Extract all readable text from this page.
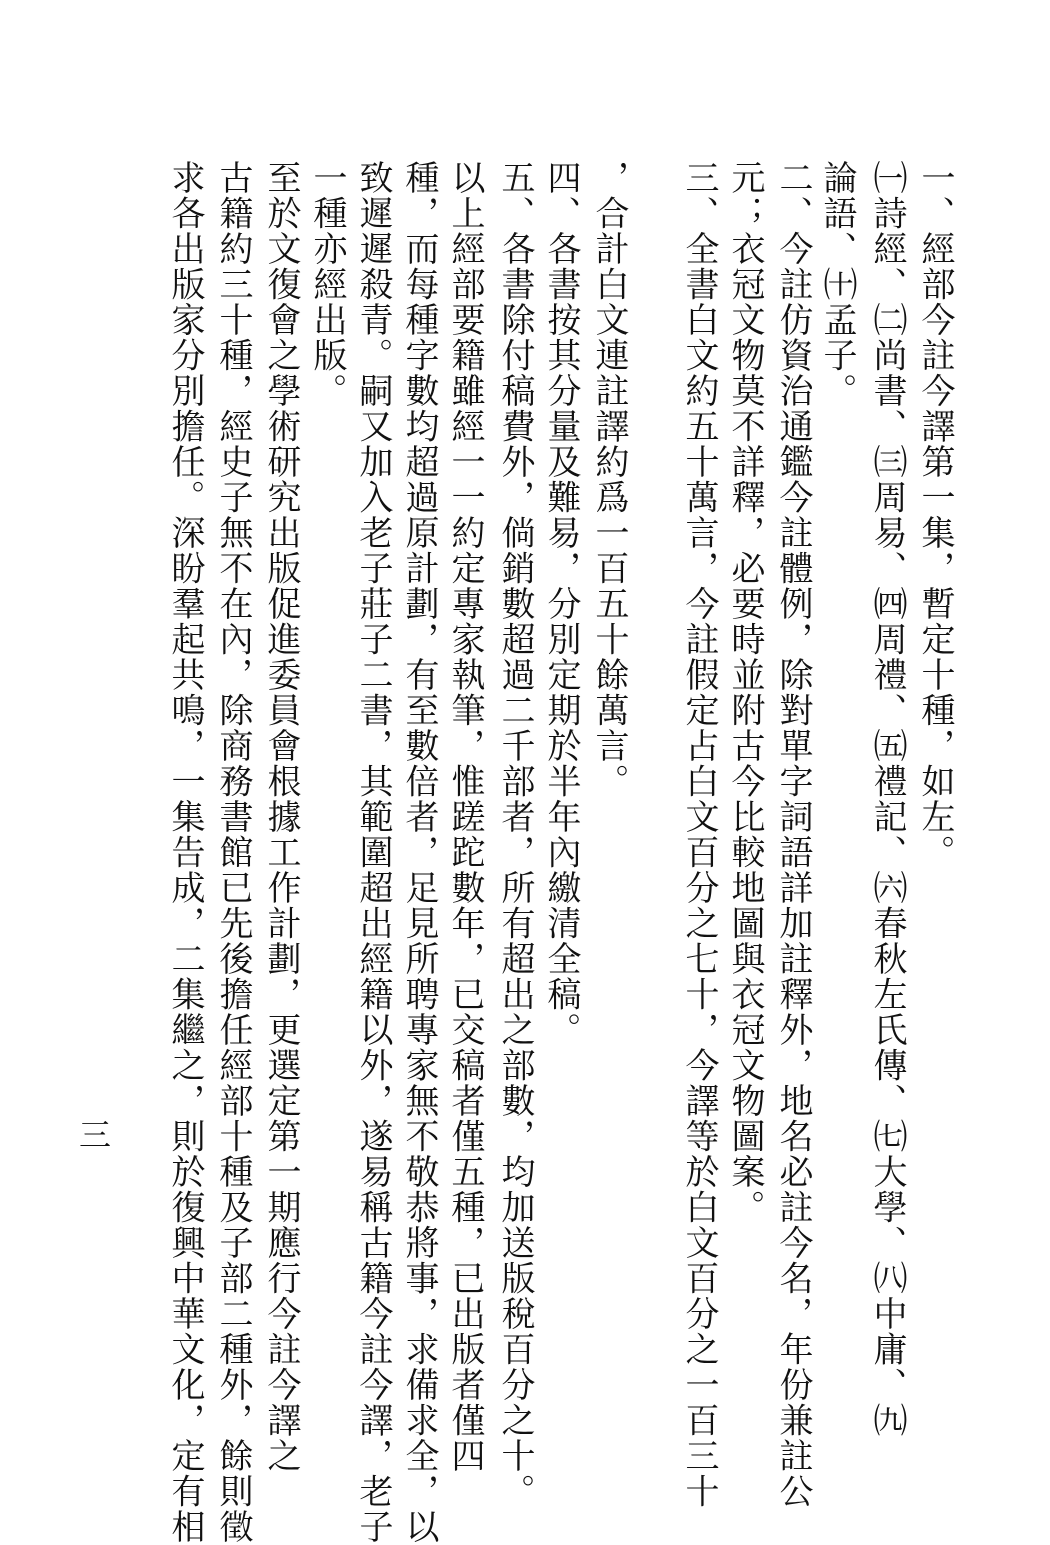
一、經部今註今譯第一集，暫定十種，如左。
㈠詩經、㈡尚書、㈢周易、㈣周禮、㈤禮記、㈥春秋左氏傳、㈦大學、㈧中庸、㈨
論語、㈩孟子。
二、今註仿資治通鑑今註體例，除對單字詞語詳加註釋外，地名必註今名，年份兼註公
元；衣冠文物莫不詳釋，必要時並附古今比較地圖與衣冠文物圖案。
三、全書白文約五十萬言，今註假定占白文百分之七十，今譯等於白文百分之一百三十
，合計白文連註譯約爲一百五十餘萬言。
四、各書按其分量及難易，分別定期於半年內繳清全稿。
五、各書除付稿費外，倘銷數超過二千部者，所有超出之部數，均加送版稅百分之十。
以上經部要籍雖經一一約定專家執筆，惟蹉跎數年，已交稿者僅五種，已出版者僅四
種，而每種字數均超過原計劃，有至數倍者，足見所聘專家無不敬恭將事，求備求全，以
致遲遲殺青。嗣又加入老子莊子二書，其範圍超出經籍以外，遂易稱古籍今註今譯，老子
一種亦經出版。
至於文復會之學術研究出版促進委員會根據工作計劃，更選定第一期應行今註今譯之
古籍約三十種，經史子無不在內，除商務書館已先後擔任經部十種及子部二種外，餘則徵
求各出版家分別擔任。深盼羣起共鳴，一集告成，二集繼之，則於復興中華文化，定有相
三
